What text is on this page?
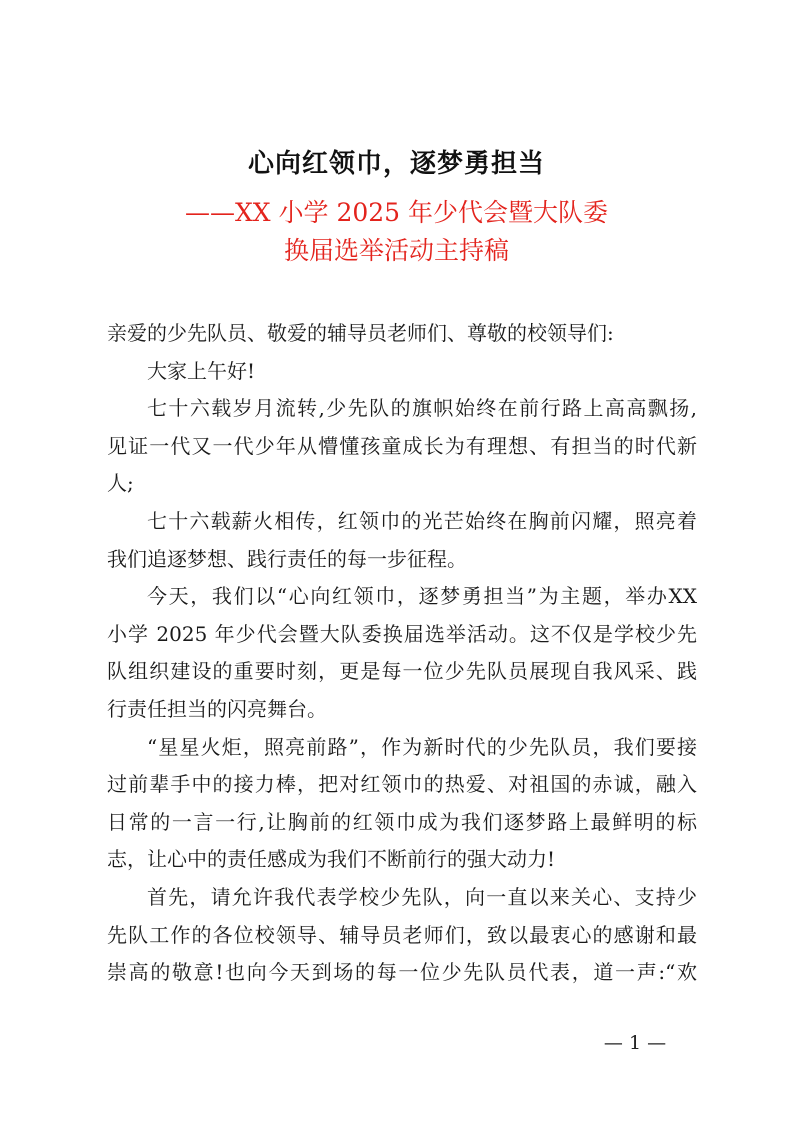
心向红领巾，逐梦勇担当
——XX 小学 2025 年少代会暨大队委
换届选举活动主持稿
亲爱的少先队员、敬爱的辅导员老师们、尊敬的校领导们:
大家上午好!
七十六载岁月流转,少先队的旗帜始终在前行路上高高飘扬,
见证一代又一代少年从懵懂孩童成长为有理想、有担当的时代新
人;
七十六载薪火相传，红领巾的光芒始终在胸前闪耀，照亮着
我们追逐梦想、践行责任的每一步征程。
今天，我们以“心向红领巾，逐梦勇担当”为主题，举办XX
小学 2025 年少代会暨大队委换届选举活动。这不仅是学校少先
队组织建设的重要时刻，更是每一位少先队员展现自我风采、践
行责任担当的闪亮舞台。
“星星火炬，照亮前路”，作为新时代的少先队员，我们要接
过前辈手中的接力棒，把对红领巾的热爱、对祖国的赤诚，融入
日常的一言一行,让胸前的红领巾成为我们逐梦路上最鲜明的标
志，让心中的责任感成为我们不断前行的强大动力!
首先，请允许我代表学校少先队，向一直以来关心、支持少
先队工作的各位校领导、辅导员老师们，致以最衷心的感谢和最
崇高的敬意!也向今天到场的每一位少先队员代表，道一声:“欢
— 1 —
